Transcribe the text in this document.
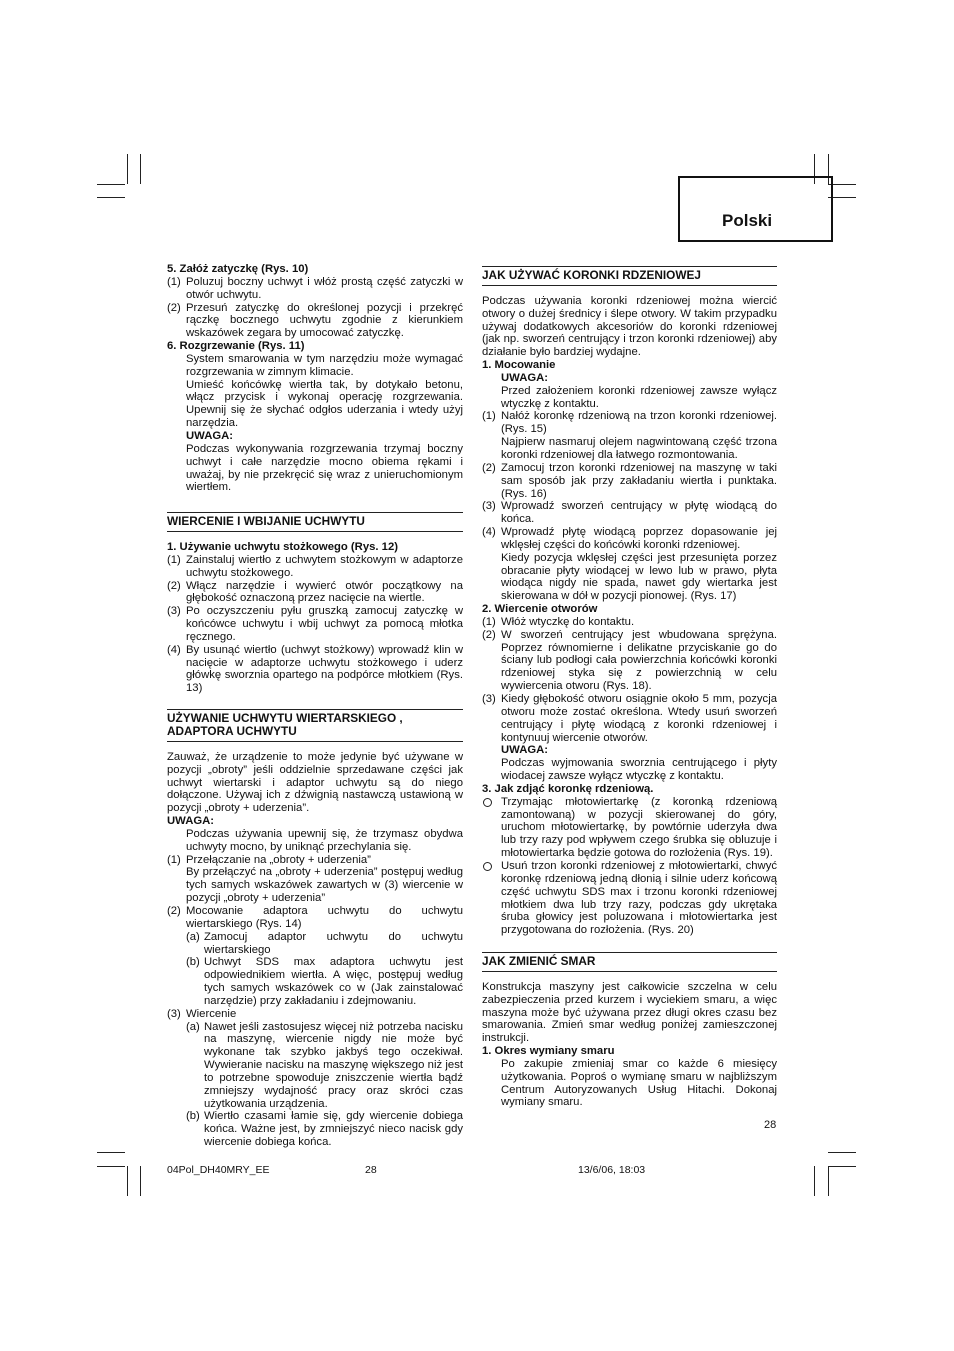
Polski

5. Załóż zatyczkę (Rys. 10)

(1) Poluzuj boczny uchwyt i włóż prostą część zatyczki w otwór uchwytu.
(2) Przesuń zatyczkę do określonej pozycji i przekręć rączkę bocznego uchwytu zgodnie z kierunkiem wskazówek zegara by umocować zatyczkę.

6. Rozgrzewanie (Rys. 11)

System smarowania w tym narzędziu może wymagać rozgrzewania w zimnym klimacie.

Umieść końcówkę wiertła tak, by dotykało betonu, włącz przycisk i wykonaj operację rozgrzewania. Upewnij się że słychać odgłos uderzania i wtedy użyj narzędzia.

UWAGA:

Podczas wykonywania rozgrzewania trzymaj boczny uchwyt i całe narzędzie mocno obiema rękami i uważaj, by nie przekręcić się wraz z unieruchomionym wiertłem.

WIERCENIE I WBIJANIE UCHWYTU

1. Używanie uchwytu stożkowego (Rys. 12)

(1) Zainstaluj wiertło z uchwytem stożkowym w adaptorze uchwytu stożkowego.
(2) Włącz narzędzie i wywierć otwór początkowy na głębokość oznaczoną przez nacięcie na wiertle.
(3) Po oczyszczeniu pyłu gruszką zamocuj zatyczkę w końcówce uchwytu i wbij uchwyt za pomocą młotka ręcznego.
(4) By usunąć wiertło (uchwyt stożkowy) wprowadź klin w nacięcie w adaptorze uchwytu stożkowego i uderz główkę sworznia opartego na podpórce młotkiem (Rys. 13)
UŻYWANIE UCHWYTU WIERTARSKIEGO , ADAPTORA UCHWYTU

Zauważ, że urządzenie to może jedynie być używane w pozycji „obroty” jeśli oddzielnie sprzedawane części jak uchwyt wiertarski i adaptor uchwytu są do niego dołączone. Używaj ich z dźwignią nastawczą ustawioną w pozycji „obroty + uderzenia”.

UWAGA:

Podczas używania upewnij się, że trzymasz obydwa uchwyty mocno, by uniknąć przechylania się.

(1) Przełączanie na „obroty + uderzenia”

By przełączyć na „obroty + uderzenia” postępuj według tych samych wskazówek zawartych w (3) wiercenie w pozycji „obroty + uderzenia”

(2) Mocowanie adaptora uchwytu do uchwytu wiertarskiego (Rys. 14)
(a) Zamocuj adaptor uchwytu do uchwytu wiertarskiego
(b) Uchwyt SDS max adaptora uchwytu jest odpowiednikiem wiertła. A więc, postępuj według tych samych wskazówek co w (Jak zainstalować narzędzie) przy zakładaniu i zdejmowaniu.
(3) Wiercenie
(a) Nawet jeśli zastosujesz więcej niż potrzeba nacisku na maszynę, wiercenie nigdy nie może być wykonane tak szybko jakbyś tego oczekiwał. Wywieranie nacisku na maszynę większego niż jest to potrzebne spowoduje zniszczenie wiertła bądź zmniejszy wydajność pracy oraz skróci czas użytkowania urządzenia.
(b) Wiertło czasami łamie się, gdy wiercenie dobiega końca. Ważne jest, by zmniejszyć nieco nacisk gdy wiercenie dobiega końca.
JAK UŻYWAĆ KORONKI RDZENIOWEJ

Podczas używania koronki rdzeniowej można wiercić otwory o dużej średnicy i ślepe otwory. W takim przypadku używaj dodatkowych akcesoriów do koronki rdzeniowej (jak np. sworzeń centrujący i trzon koronki rdzeniowej) aby działanie było bardziej wydajne.

1. Mocowanie

UWAGA:

Przed założeniem koronki rdzeniowej zawsze wyłącz wtyczkę z kontaktu.

(1) Nałóż koronkę rdzeniową na trzon koronki rdzeniowej. (Rys. 15)

Najpierw nasmaruj olejem nagwintowaną część trzona koronki rdzeniowej dla łatwego rozmontowania.

(2) Zamocuj trzon koronki rdzeniowej na maszynę w taki sam sposób jak przy zakładaniu wiertła i punktaka. (Rys. 16)
(3) Wprowadź sworzeń centrujący w płytę wiodącą do końca.
(4) Wprowadź płytę wiodącą poprzez dopasowanie jej wklęsłej części do końcówki koronki rdzeniowej.

Kiedy pozycja wklęsłej części jest przesunięta porzez obracanie płyty wiodącej w lewo lub w prawo, płyta wiodąca nigdy nie spada, nawet gdy wiertarka jest skierowana w dół w pozycji pionowej. (Rys. 17)

2. Wiercenie otworów

(1) Włóż wtyczkę do kontaktu.
(2) W sworzeń centrujący jest wbudowana sprężyna. Poprzez równomierne i delikatne przyciskanie go do ściany lub podłogi cała powierzchnia końcówki koronki rdzeniowej styka się z powierzchnią w celu wywiercenia otworu (Rys. 18).
(3) Kiedy głębokość otworu osiągnie około 5 mm, pozycja otworu może zostać określona. Wtedy usuń sworzeń centrujący i płytę wiodącą z koronki rdzeniowej i kontynuuj wiercenie otworów.

UWAGA:

Podczas wyjmowania sworznia centrującego i płyty wiodacej zawsze wyłącz wtyczkę z kontaktu.

3. Jak zdjąć koronkę rdzeniową.

Trzymając młotowiertarkę (z koronką rdzeniową zamontowaną) w pozycji skierowanej do góry, uruchom młotowiertarkę, by powtórnie uderzyła dwa lub trzy razy pod wpływem czego śrubka się obluzuje i młotowiertarka będzie gotowa do rozłożenia (Rys. 19).
Usuń trzon koronki rdzeniowej z młotowiertarki, chwyć koronkę rdzeniową jedną dłonią i silnie uderz końcową część uchwytu SDS max i trzonu koronki rdzeniowej młotkiem dwa lub trzy razy, podczas gdy ukrętaka śruba głowicy jest poluzowana i młotowiertarka jest przygotowana do rozłożenia. (Rys. 20)
JAK ZMIENIĆ SMAR

Konstrukcja maszyny jest całkowicie szczelna w celu zabezpieczenia przed kurzem i wyciekiem smaru, a więc maszyna może być używana przez długi okres czasu bez smarowania. Zmień smar według poniżej zamieszczonej instrukcji.

1. Okres wymiany smaru

Po zakupie zmieniaj smar co każde 6 miesięcy użytkowania. Poproś o wymianę smaru w najbliższym Centrum Autoryzowanych Usług Hitachi. Dokonaj wymiany smaru.

28
04Pol_DH40MRY_EE	28	13/6/06, 18:03
